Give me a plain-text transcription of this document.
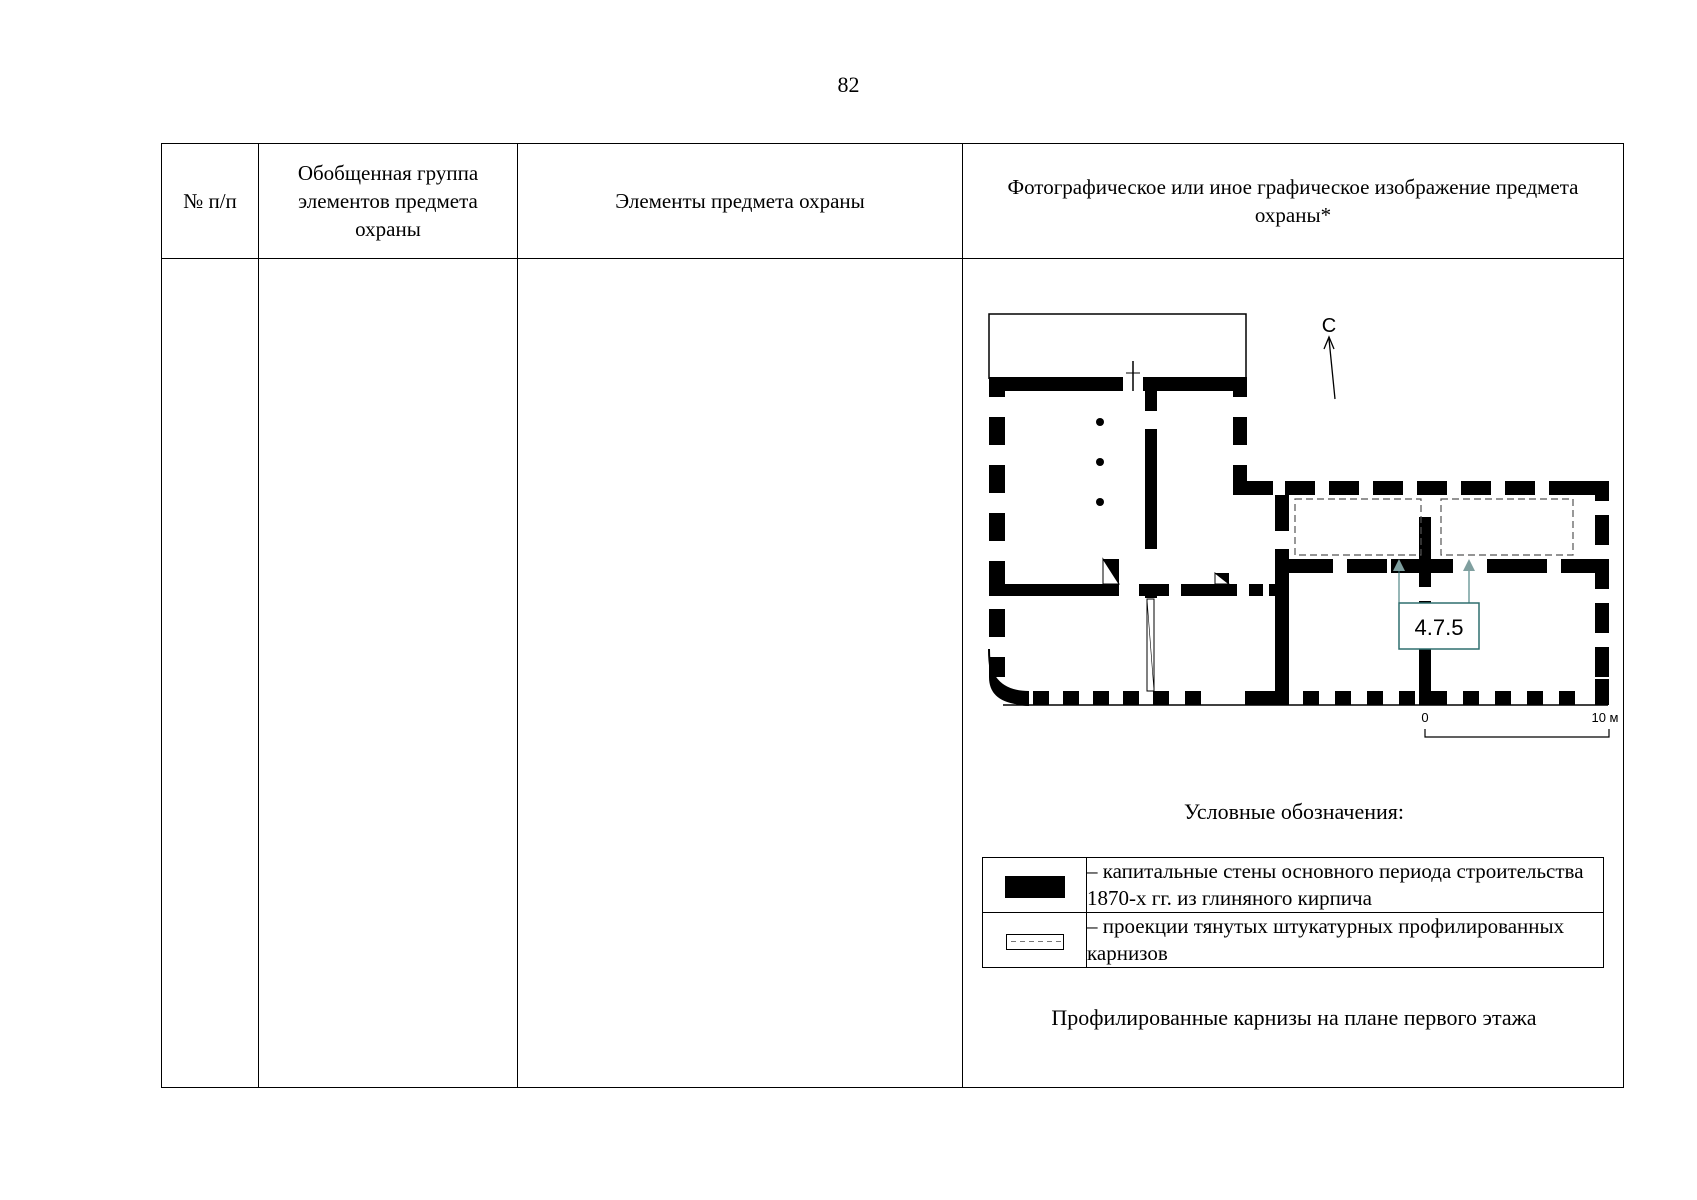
82
№ п/п	Обобщенная группа элементов предмета охраны	Элементы предмета охраны	Фотографическое или иное графическое изображение предмета охраны*

С
4.7.5
0	10 м
Условные обозначения:
	– капитальные стены основного периода строительства 1870-х гг. из глиняного кирпича
	– проекции тянутых штукатурных профилированных карнизов
Профилированные карнизы на плане первого этажа
